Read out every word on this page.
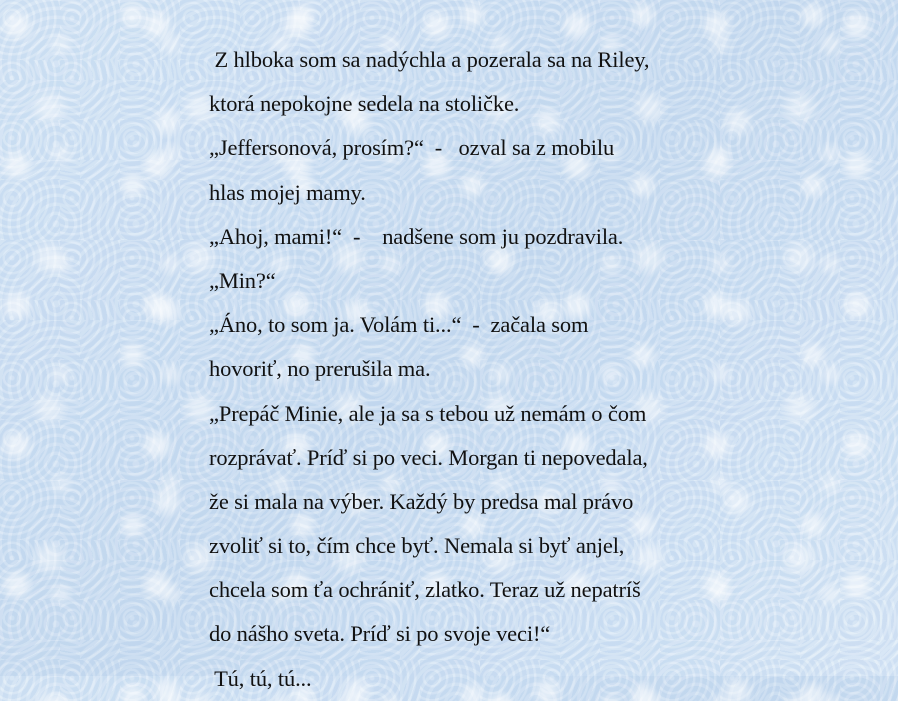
Z hlboka som sa nadýchla a pozerala sa na Riley,

ktorá nepokojne sedela na stoličke.

„Jeffersonová, prosím?“  -   ozval sa z mobilu

hlas mojej mamy.

„Ahoj, mami!“  -    nadšene som ju pozdravila.

„Min?“

„Áno, to som ja. Volám ti...“  -  začala som

hovoriť, no prerušila ma.

„Prepáč Minie, ale ja sa s tebou už nemám o čom

rozprávať. Príď si po veci. Morgan ti nepovedala,

že si mala na výber. Každý by predsa mal právo

zvoliť si to, čím chce byť. Nemala si byť anjel,

chcela som ťa ochrániť, zlatko. Teraz už nepatríš

do nášho sveta. Príď si po svoje veci!“

Tú, tú, tú...
